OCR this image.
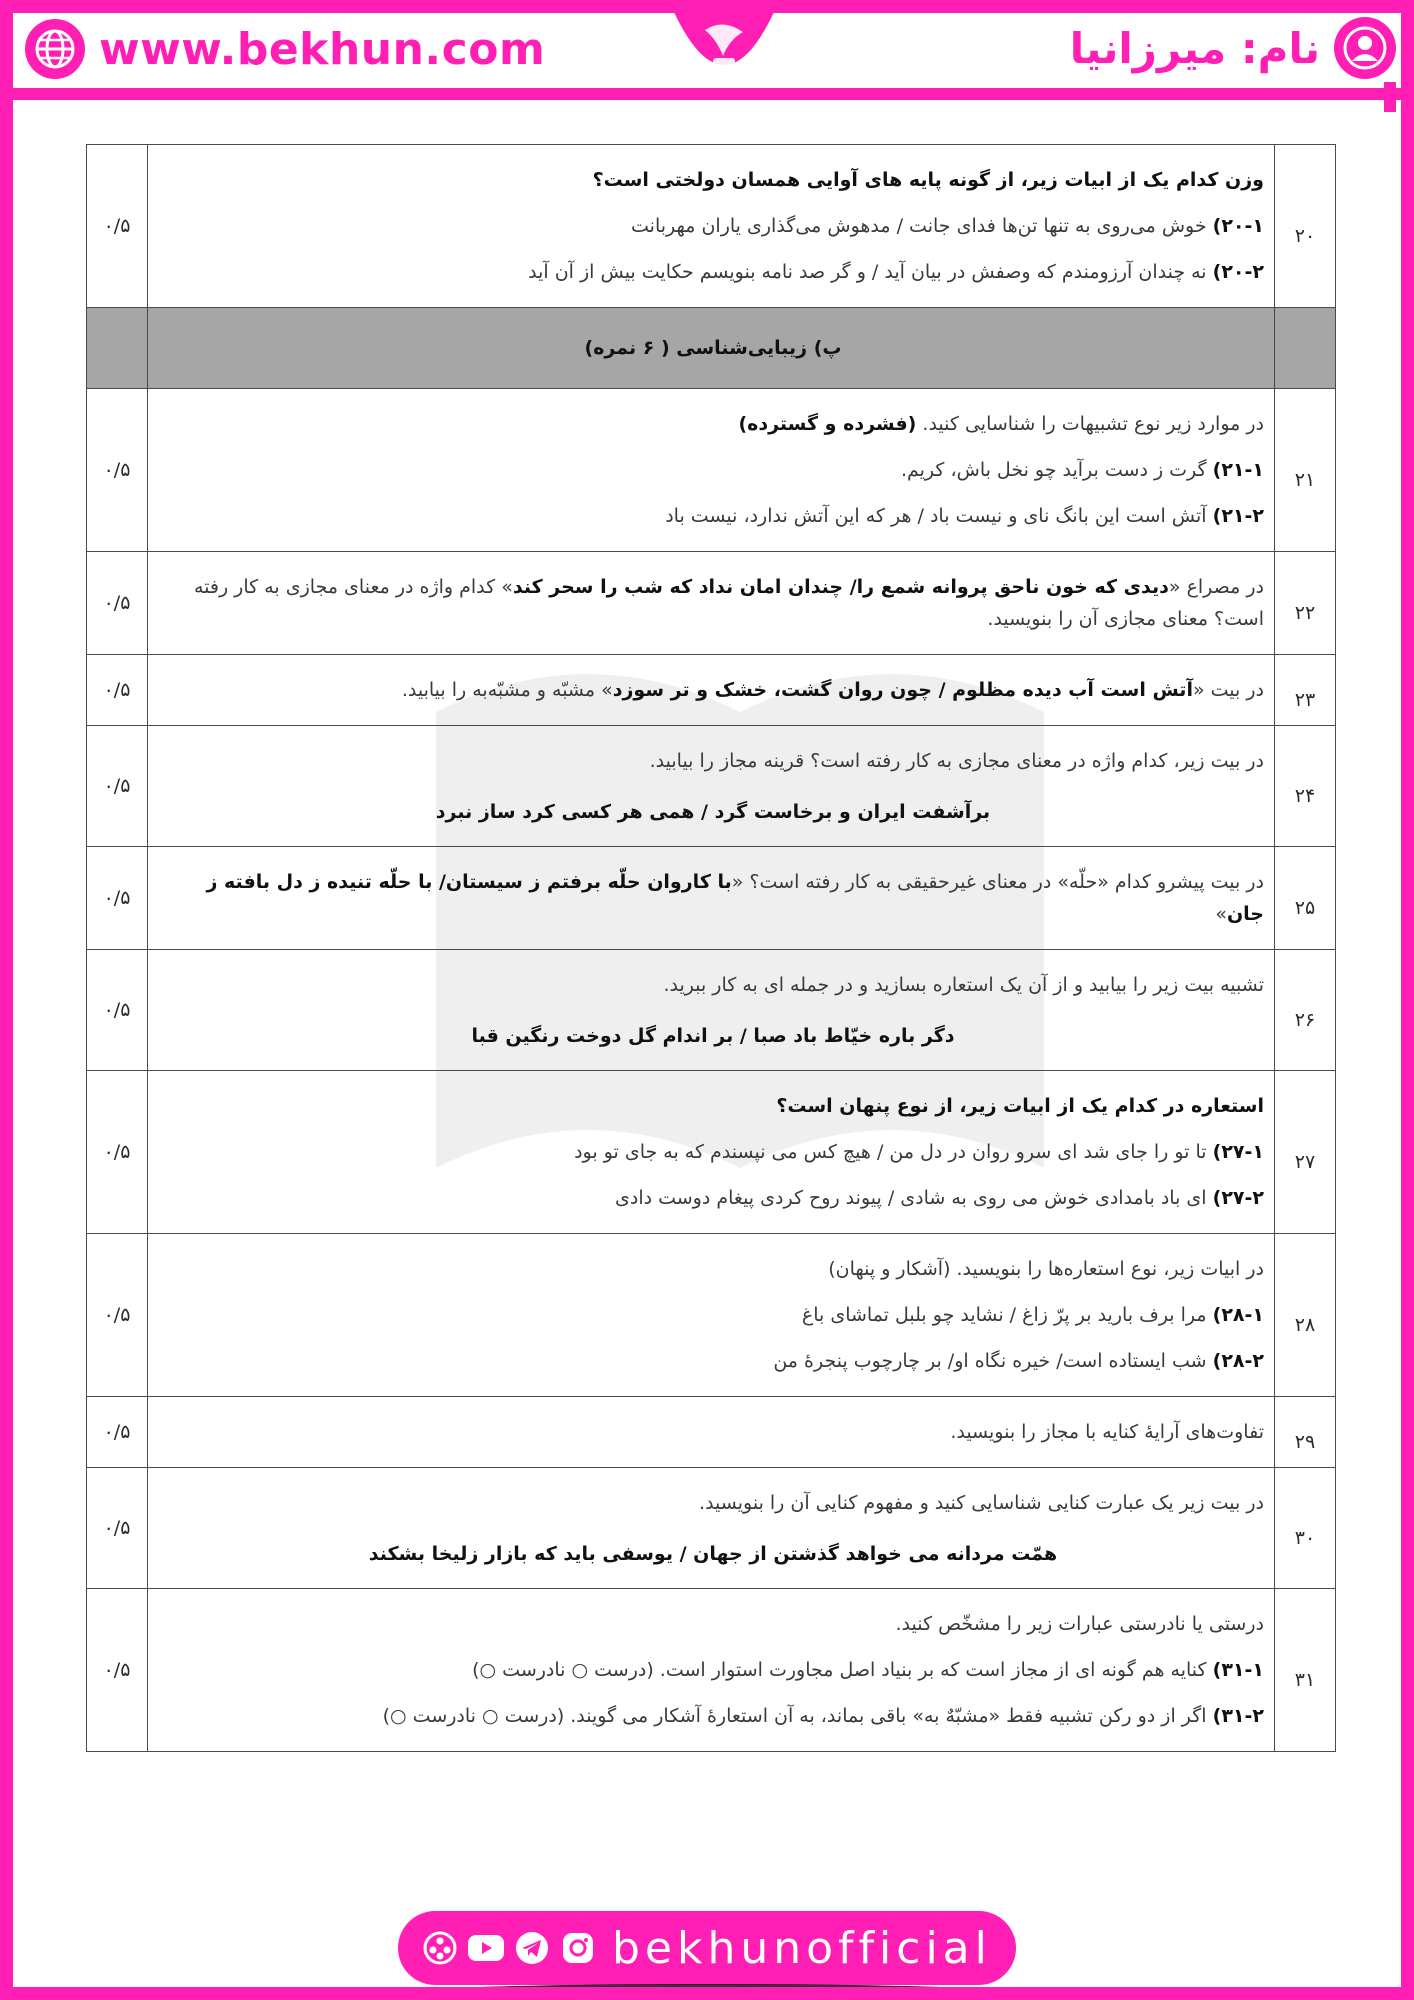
www.bekhun.com	نام: میرزانیا
۲۰	وزن کدام یک از ابیات زیر، از گونه پایه های آوایی همسان دولختی است؟

۲۰-۱) خوش می‌روی به تنها تن‌ها فدای جانت / مدهوش می‌گذاری یاران مهربانت

۲۰-۲) نه چندان آرزومندم که وصفش در بیان آید / و گر صد نامه بنویسم حکایت بیش از آن آید	۰/۵
	پ) زیبایی‌شناسی ( ۶ نمره)	
۲۱	در موارد زیر نوع تشبیهات را شناسایی کنید. (فشرده و گسترده)

۲۱-۱) گرت ز دست برآید چو نخل باش، کریم.

۲۱-۲) آتش است این بانگ نای و نیست باد / هر که این آتش ندارد، نیست باد	۰/۵
۲۲	در مصراع «دیدی که خون ناحق پروانه شمع را/ چندان امان نداد که شب را سحر کند» کدام واژه در معنای مجازی به کار رفته است؟ معنای مجازی آن را بنویسید.	۰/۵
۲۳	در بیت «آتش است آب دیده مظلوم / چون روان گشت، خشک و تر سوزد» مشبّه و مشبّه‌به را بیابید.	۰/۵
۲۴	در بیت زیر، کدام واژه در معنای مجازی به کار رفته است؟ قرینه مجاز را بیابید.

برآشفت ایران و برخاست گرد / همی هر کسی کرد ساز نبرد	۰/۵
۲۵	در بیت پیشرو کدام «حلّه» در معنای غیرحقیقی به کار رفته است؟ «با کاروان حلّه برفتم ز سیستان/ با حلّه تنیده ز دل بافته ز جان»	۰/۵
۲۶	تشبیه بیت زیر را بیابید و از آن یک استعاره بسازید و در جمله ای به کار ببرید.

دگر باره خیّاط باد صبا / بر اندام گل دوخت رنگین قبا	۰/۵
۲۷	استعاره در کدام یک از ابیات زیر، از نوع پنهان است؟

۲۷-۱) تا تو را جای شد ای سرو روان در دل من / هیچ کس می نپسندم که به جای تو بود

۲۷-۲) ای باد بامدادی خوش می روی به شادی / پیوند روح کردی پیغام دوست دادی	۰/۵
۲۸	در ابیات زیر، نوع استعاره‌ها را بنویسید. (آشکار و پنهان)

۲۸-۱) مرا برف بارید بر پرّ زاغ / نشاید چو بلبل تماشای باغ

۲۸-۲) شب ایستاده است/ خیره نگاه او/ بر چارچوب پنجرهٔ من	۰/۵
۲۹	تفاوت‌های آرایهٔ کنایه با مجاز را بنویسید.	۰/۵
۳۰	در بیت زیر یک عبارت کنایی شناسایی کنید و مفهوم کنایی آن را بنویسید.

همّت مردانه می خواهد گذشتن از جهان / یوسفی باید که بازار زلیخا بشکند	۰/۵
۳۱	درستی یا نادرستی عبارات زیر را مشخّص کنید.

۳۱-۱) کنایه هم گونه ای از مجاز است که بر بنیاد اصل مجاورت استوار است. (درست ○ نادرست ○)

۳۱-۲) اگر از دو رکن تشبیه فقط «مشبّهٌ به» باقی بماند، به آن استعارهٔ آشکار می گویند. (درست ○ نادرست ○)	۰/۵
bekhunofficial
